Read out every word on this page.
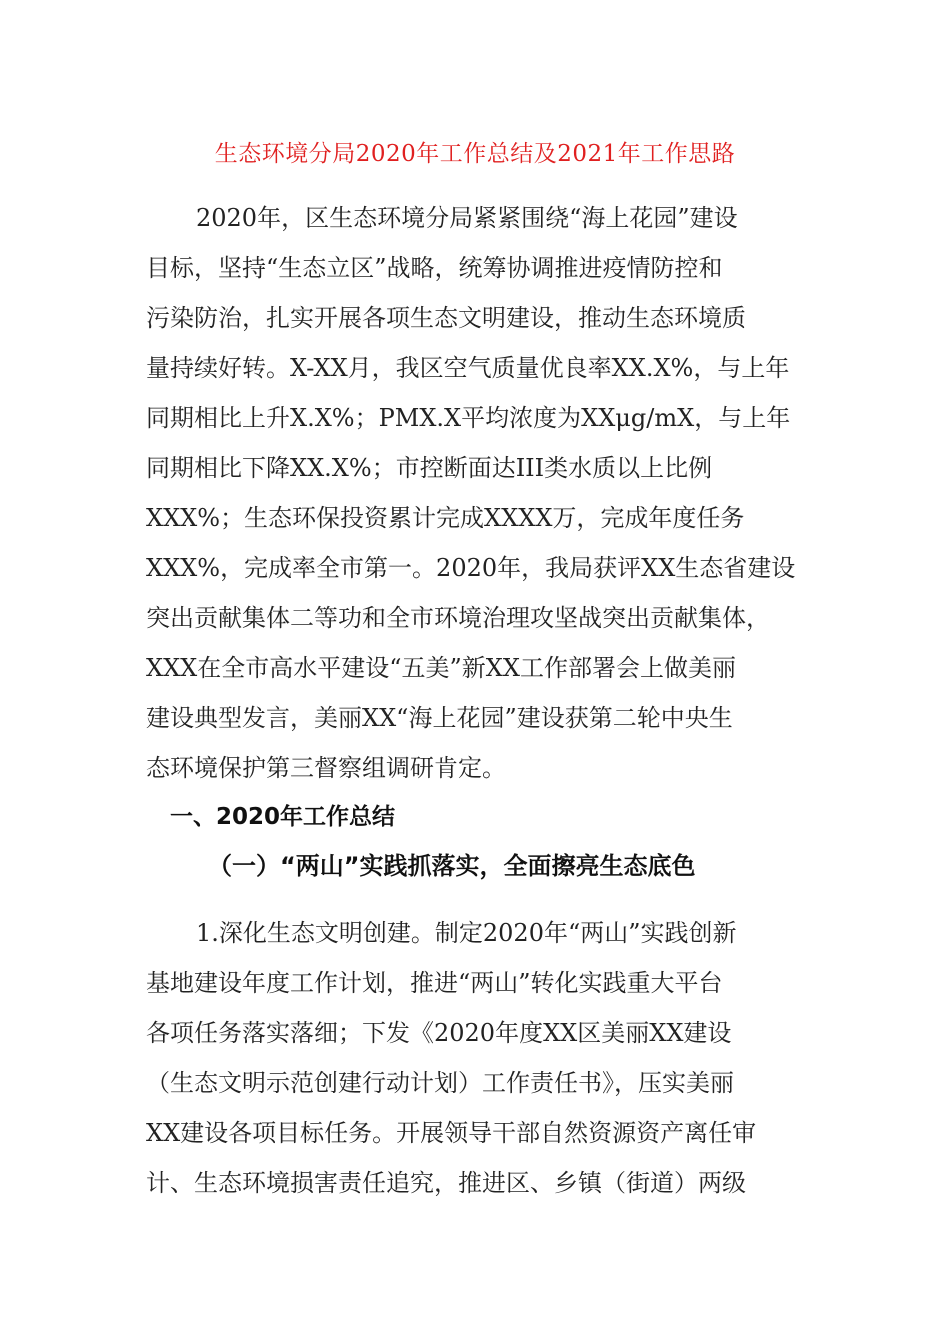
生态环境分局2020年工作总结及2021年工作思路
2020年，区生态环境分局紧紧围绕“海上花园”建设
目标，坚持“生态立区”战略，统筹协调推进疫情防控和
污染防治，扎实开展各项生态文明建设，推动生态环境质
量持续好转。X-XX月，我区空气质量优良率XX.X%，与上年
同期相比上升X.X%；PMX.X平均浓度为XXμg/mX，与上年
同期相比下降XX.X%；市控断面达III类水质以上比例
XXX%；生态环保投资累计完成XXXX万，完成年度任务
XXX%，完成率全市第一。2020年，我局获评XX生态省建设
突出贡献集体二等功和全市环境治理攻坚战突出贡献集体，
XXX在全市高水平建设“五美”新XX工作部署会上做美丽
建设典型发言，美丽XX“海上花园”建设获第二轮中央生
态环境保护第三督察组调研肯定。
一、2020年工作总结
（一）“两山”实践抓落实，全面擦亮生态底色
1.深化生态文明创建。制定2020年“两山”实践创新
基地建设年度工作计划，推进“两山”转化实践重大平台
各项任务落实落细；下发《2020年度XX区美丽XX建设
（生态文明示范创建行动计划）工作责任书》，压实美丽
XX建设各项目标任务。开展领导干部自然资源资产离任审
计、生态环境损害责任追究，推进区、乡镇（街道）两级
